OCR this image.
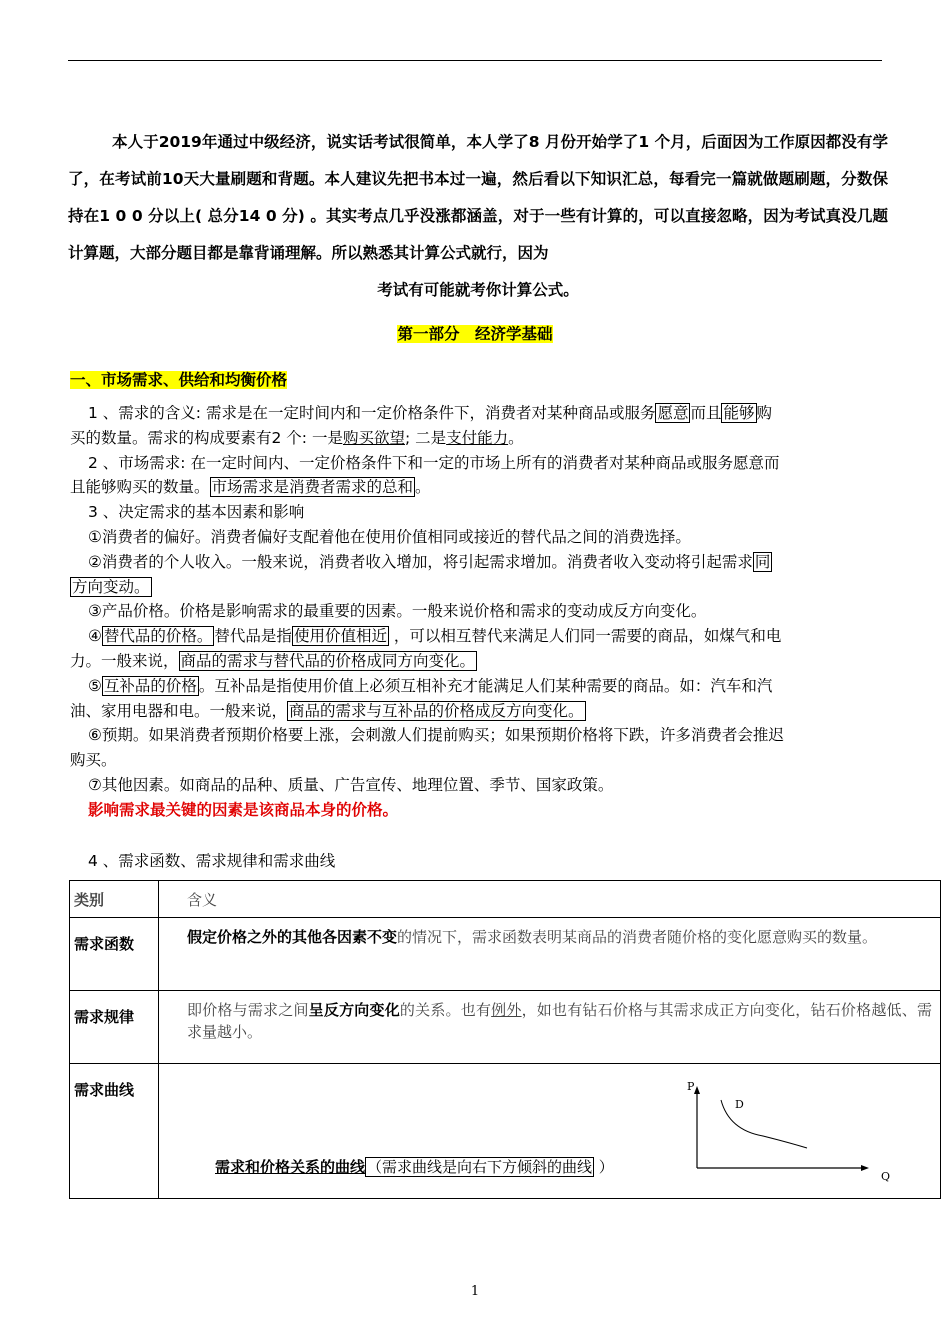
本人于2019年通过中级经济，说实话考试很简单，本人学了8 月份开始学了1 个月，后面因为工作原因都没有学了，在考试前10天大量刷题和背题。本人建议先把书本过一遍，然后看以下知识汇总，每看完一篇就做题刷题，分数保持在1 0 0 分以上( 总分14 0 分) 。其实考点几乎没涨都涵盖，对于一些有计算的，可以直接忽略，因为考试真没几题计算题，大部分题目都是靠背诵理解。所以熟悉其计算公式就行，因为
考试有可能就考你计算公式。
第一部分　经济学基础
一、市场需求、供给和均衡价格
1 、需求的含义: 需求是在一定时间内和一定价格条件下，消费者对某种商品或服务 愿意 而且 能够 购
买的数量。需求的构成要素有2 个: 一是购买欲望; 二是支付能力。
2 、市场需求: 在一定时间内、一定价格条件下和一定的市场上所有的消费者对某种商品或服务愿意而
且能够购买的数量。 市场需求是消费者需求的总和 。
3 、决定需求的基本因素和影响
①消费者的偏好。消费者偏好支配着他在使用价值相同或接近的替代品之间的消费选择。
②消费者的个人收入。一般来说，消费者收入增加，将引起需求增加。消费者收入变动将引起需求 同
方向变动。
③产品价格。价格是影响需求的最重要的因素。一般来说价格和需求的变动成反方向变化。
④ 替代品的价格。 替代品是指 使用价值相近 ，可以相互替代来满足人们同一需要的商品，如煤气和电
力。一般来说， 商品的需求与替代品的价格成同方向变化。
⑤ 互补品的价格 。互补品是指使用价值上必须互相补充才能满足人们某种需要的商品。如：汽车和汽
油、家用电器和电。一般来说， 商品的需求与互补品的价格成反方向变化。
⑥预期。如果消费者预期价格要上涨，会刺激人们提前购买；如果预期价格将下跌，许多消费者会推迟
购买。
⑦其他因素。如商品的品种、质量、广告宣传、地理位置、季节、国家政策。
影响需求最关键的因素是该商品本身的价格。
4 、需求函数、需求规律和需求曲线
类别	含义
需求函数	假定价格之外的其他各因素不变的情况下，需求函数表明某商品的消费者随价格的变化愿意购买的数量。
需求规律	即价格与需求之间呈反方向变化的关系。也有例外，如也有钻石价格与其需求成正方向变化，钻石价格越低、需求量越小。
需求曲线	P
D
Q
需求和价格关系的曲线 （需求曲线是向右下方倾斜的曲线 ）
1
